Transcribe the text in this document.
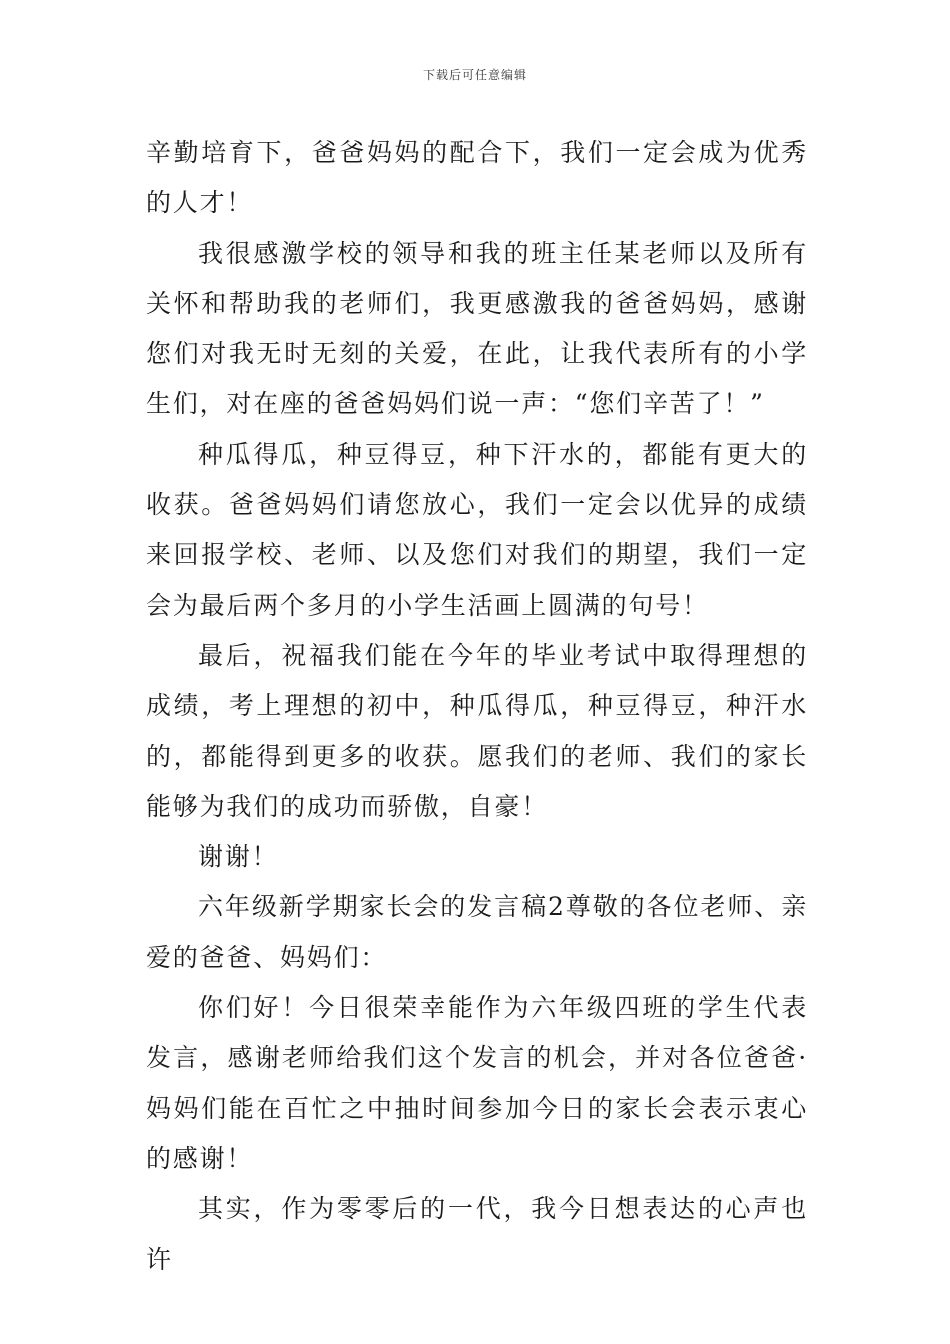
下载后可任意编辑

辛勤培育下，爸爸妈妈的配合下，我们一定会成为优秀的人才！

我很感激学校的领导和我的班主任某老师以及所有关怀和帮助我的老师们，我更感激我的爸爸妈妈，感谢您们对我无时无刻的关爱，在此，让我代表所有的小学生们，对在座的爸爸妈妈们说一声：“您们辛苦了！”

种瓜得瓜，种豆得豆，种下汗水的，都能有更大的收获。爸爸妈妈们请您放心，我们一定会以优异的成绩来回报学校、老师、以及您们对我们的期望，我们一定会为最后两个多月的小学生活画上圆满的句号！

最后，祝福我们能在今年的毕业考试中取得理想的成绩，考上理想的初中，种瓜得瓜，种豆得豆，种汗水的，都能得到更多的收获。愿我们的老师、我们的家长能够为我们的成功而骄傲，自豪！

谢谢！

六年级新学期家长会的发言稿2尊敬的各位老师、亲爱的爸爸、妈妈们：

你们好！今日很荣幸能作为六年级四班的学生代表发言，感谢老师给我们这个发言的机会，并对各位爸爸·妈妈们能在百忙之中抽时间参加今日的家长会表示衷心的感谢！

其实，作为零零后的一代，我今日想表达的心声也许
